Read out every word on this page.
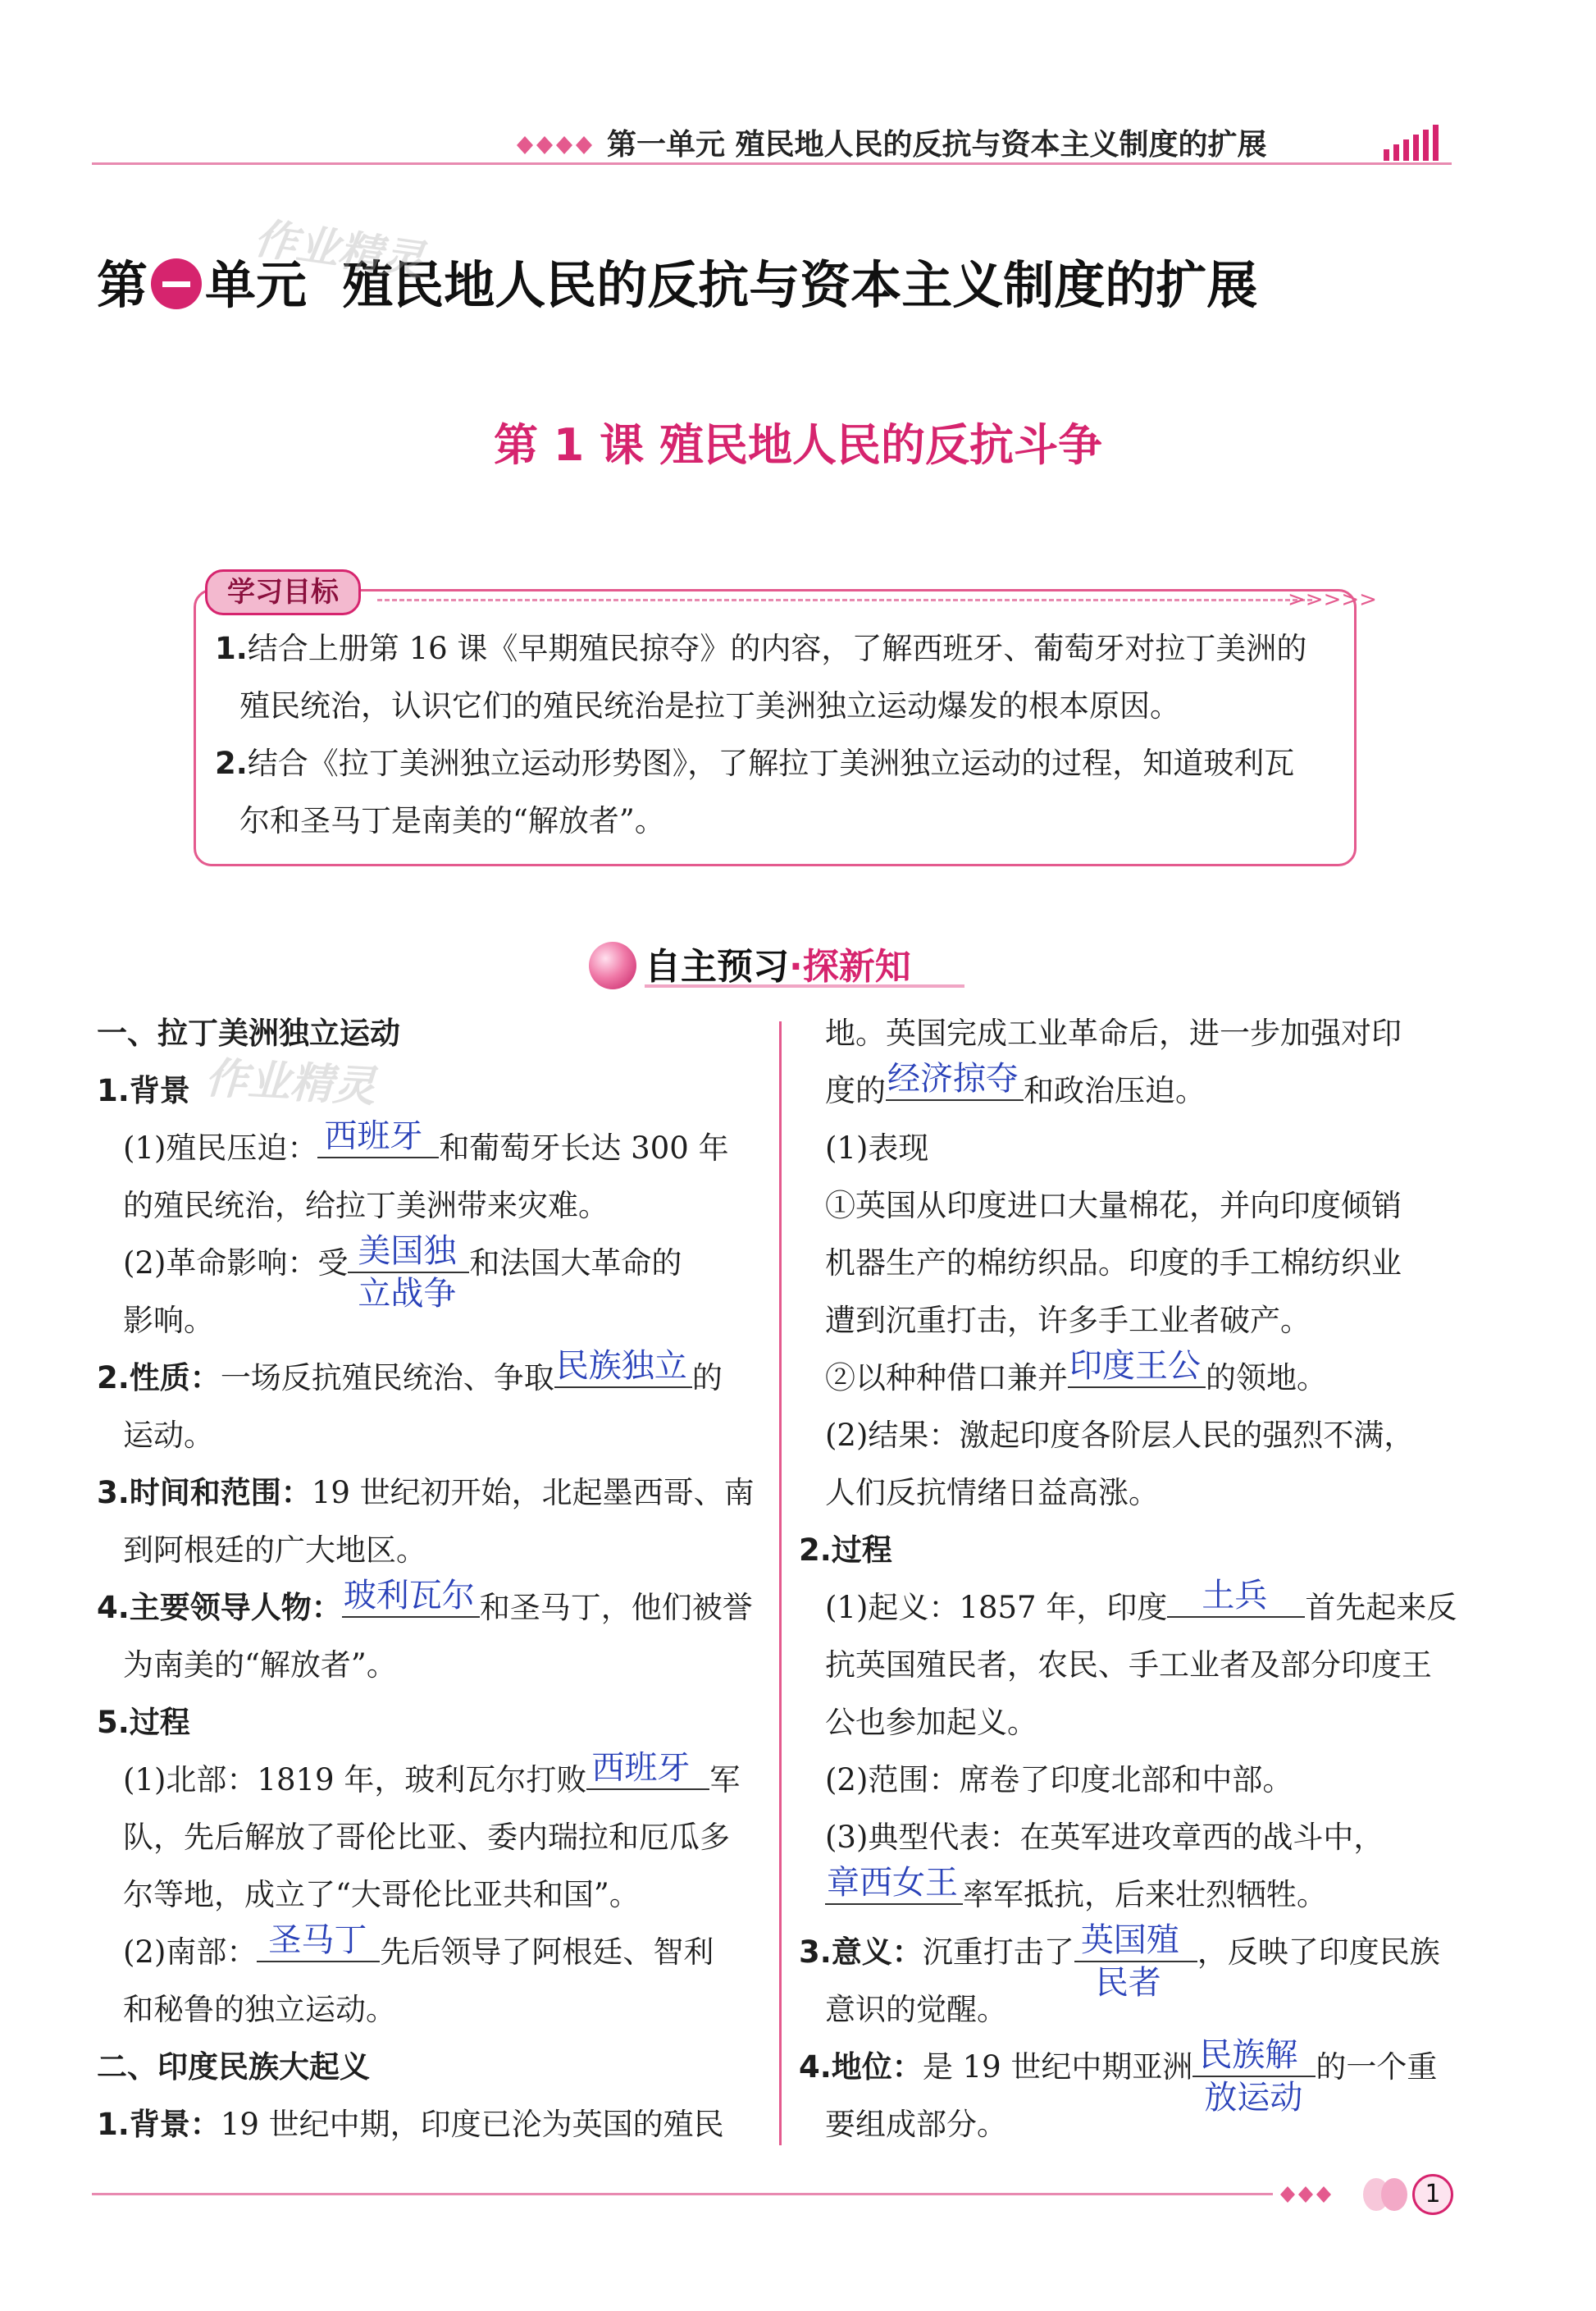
第一单元 殖民地人民的反抗与资本主义制度的扩展
第 单元 殖民地人民的反抗与资本主义制度的扩展
作业精灵
第 1 课 殖民地人民的反抗斗争
>>>>>
学习目标
1.结合上册第 16 课《早期殖民掠夺》的内容，了解西班牙、葡萄牙对拉丁美洲的
殖民统治，认识它们的殖民统治是拉丁美洲独立运动爆发的根本原因。
2.结合《拉丁美洲独立运动形势图》，了解拉丁美洲独立运动的过程，知道玻利瓦
尔和圣马丁是南美的“解放者”。
自主预习·探新知
一、拉丁美洲独立运动
1.背景 作业精灵
(1)殖民压迫： 西班牙 和葡萄牙长达 300 年
的殖民统治，给拉丁美洲带来灾难。
(2)革命影响：受 美国独
立战争
和法国大革命的
影响。
2.性质：一场反抗殖民统治、争取 民族独立 的
运动。
3.时间和范围：19 世纪初开始，北起墨西哥、南
到阿根廷的广大地区。
4.主要领导人物： 玻利瓦尔 和圣马丁，他们被誉
为南美的“解放者”。
5.过程
(1)北部：1819 年，玻利瓦尔打败 西班牙 军
队，先后解放了哥伦比亚、委内瑞拉和厄瓜多
尔等地，成立了“大哥伦比亚共和国”。
(2)南部： 圣马丁 先后领导了阿根廷、智利
和秘鲁的独立运动。
二、印度民族大起义
1.背景：19 世纪中期，印度已沦为英国的殖民
地。英国完成工业革命后，进一步加强对印
度的 经济掠夺 和政治压迫。
(1)表现
①英国从印度进口大量棉花，并向印度倾销
机器生产的棉纺织品。印度的手工棉纺织业
遭到沉重打击，许多手工业者破产。
②以种种借口兼并 印度王公 的领地。
(2)结果：激起印度各阶层人民的强烈不满，
人们反抗情绪日益高涨。
2.过程
(1)起义：1857 年，印度 土兵 首先起来反
抗英国殖民者，农民、手工业者及部分印度王
公也参加起义。
(2)范围：席卷了印度北部和中部。
(3)典型代表：在英军进攻章西的战斗中，
章西女王 率军抵抗，后来壮烈牺牲。
3.意义：沉重打击了 英国殖
民者
，反映了印度民族
意识的觉醒。
4.地位：是 19 世纪中期亚洲 民族解
放运动
的一个重
要组成部分。
1
